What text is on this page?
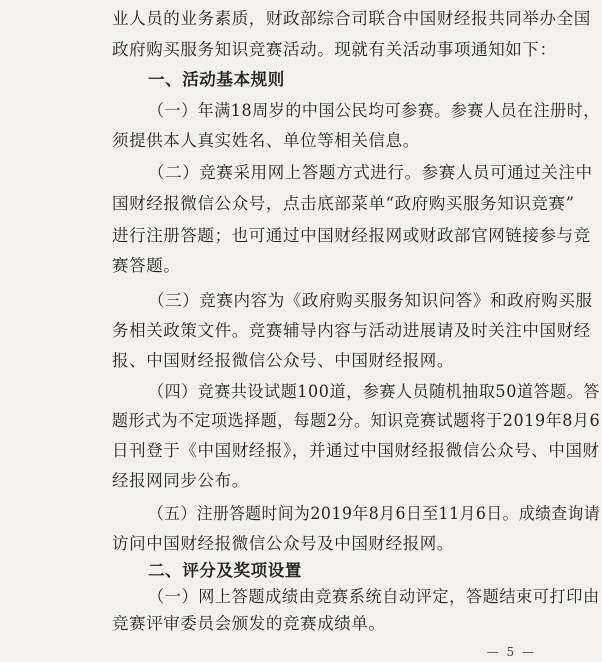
业人员的业务素质，财政部综合司联合中国财经报共同举办全国
政府购买服务知识竞赛活动。现就有关活动事项通知如下：
一、活动基本规则
（一）年满18周岁的中国公民均可参赛。参赛人员在注册时，
须提供本人真实姓名、单位等相关信息。
（二）竞赛采用网上答题方式进行。参赛人员可通过关注中
国财经报微信公众号，点击底部菜单“政府购买服务知识竞赛”
进行注册答题；也可通过中国财经报网或财政部官网链接参与竞
赛答题。
（三）竞赛内容为《政府购买服务知识问答》和政府购买服
务相关政策文件。竞赛辅导内容与活动进展请及时关注中国财经
报、中国财经报微信公众号、中国财经报网。
（四）竞赛共设试题100道，参赛人员随机抽取50道答题。答
题形式为不定项选择题，每题2分。知识竞赛试题将于2019年8月6
日刊登于《中国财经报》，并通过中国财经报微信公众号、中国财
经报网同步公布。
（五）注册答题时间为2019年8月6日至11月6日。成绩查询请
访问中国财经报微信公众号及中国财经报网。
二、评分及奖项设置
（一）网上答题成绩由竞赛系统自动评定，答题结束可打印由
竞赛评审委员会颁发的竞赛成绩单。
— 5 —
